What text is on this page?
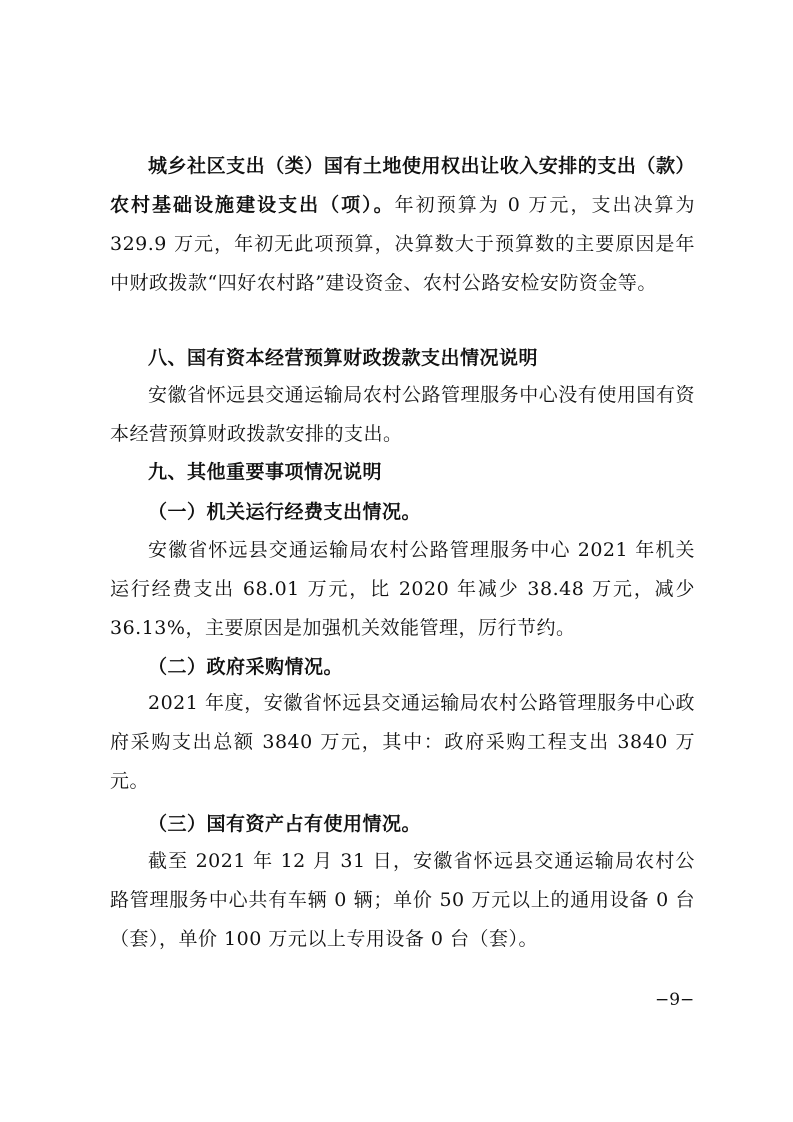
城乡社区支出（类）国有土地使用权出让收入安排的支出（款）农村基础设施建设支出（项）。年初预算为 0 万元，支出决算为 329.9 万元，年初无此项预算，决算数大于预算数的主要原因是年中财政拨款“四好农村路”建设资金、农村公路安检安防资金等。

八、国有资本经营预算财政拨款支出情况说明

安徽省怀远县交通运输局农村公路管理服务中心没有使用国有资本经营预算财政拨款安排的支出。

九、其他重要事项情况说明

（一）机关运行经费支出情况。

安徽省怀远县交通运输局农村公路管理服务中心 2021 年机关运行经费支出 68.01 万元，比 2020 年减少 38.48 万元，减少 36.13%，主要原因是加强机关效能管理，厉行节约。

（二）政府采购情况。

2021 年度，安徽省怀远县交通运输局农村公路管理服务中心政府采购支出总额 3840 万元，其中：政府采购工程支出 3840 万元。

（三）国有资产占有使用情况。

截至 2021 年 12 月 31 日，安徽省怀远县交通运输局农村公路管理服务中心共有车辆 0 辆；单价 50 万元以上的通用设备 0 台（套），单价 100 万元以上专用设备 0 台（套）。

−9−
